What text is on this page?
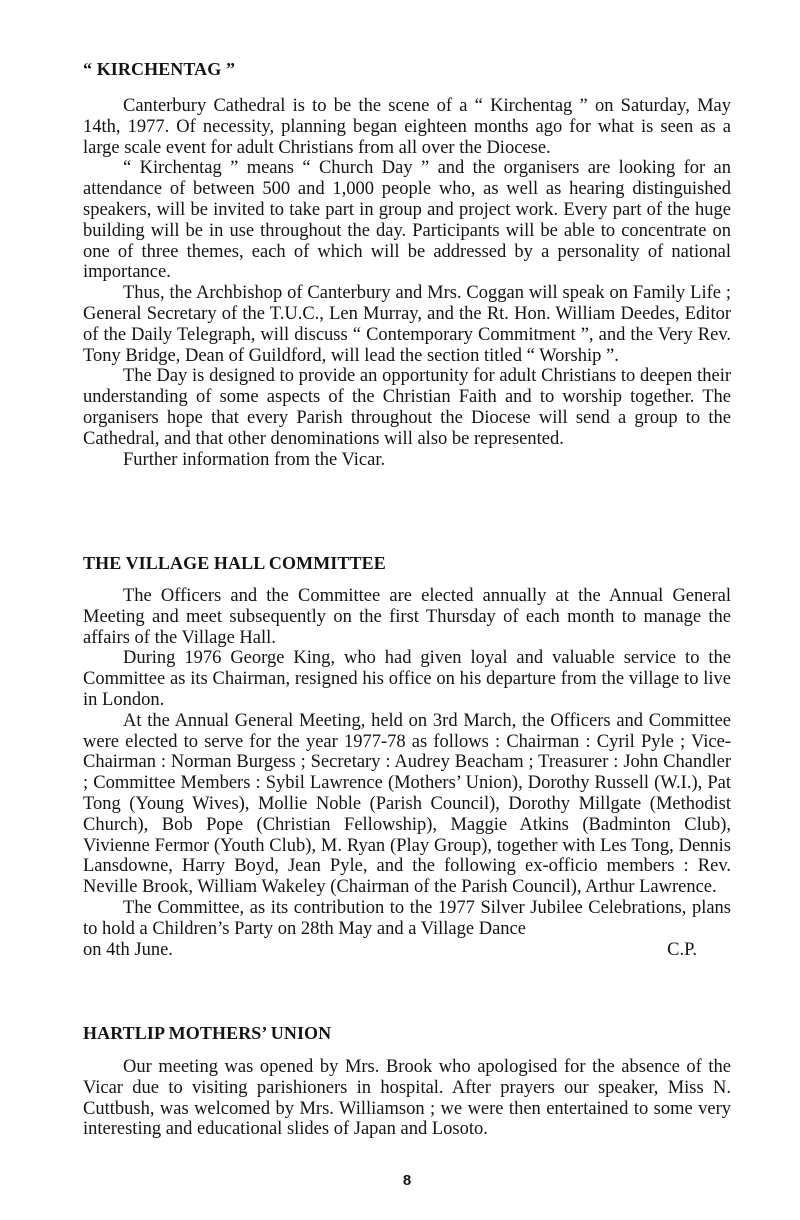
“ KIRCHENTAG ”

Canterbury Cathedral is to be the scene of a “ Kirchentag ” on Saturday, May 14th, 1977. Of necessity, planning began eighteen months ago for what is seen as a large scale event for adult Christians from all over the Diocese.

“ Kirchentag ” means “ Church Day ” and the organisers are looking for an attendance of between 500 and 1,000 people who, as well as hearing distinguished speakers, will be invited to take part in group and project work. Every part of the huge building will be in use throughout the day. Participants will be able to concentrate on one of three themes, each of which will be addressed by a personality of national importance.

Thus, the Archbishop of Canterbury and Mrs. Coggan will speak on Family Life ; General Secretary of the T.U.C., Len Murray, and the Rt. Hon. William Deedes, Editor of the Daily Telegraph, will discuss “ Contemporary Commitment ”, and the Very Rev. Tony Bridge, Dean of Guildford, will lead the section titled “ Worship ”.

The Day is designed to provide an opportunity for adult Christians to deepen their understanding of some aspects of the Christian Faith and to worship together. The organisers hope that every Parish throughout the Diocese will send a group to the Cathedral, and that other denominations will also be represented.

Further information from the Vicar.

THE VILLAGE HALL COMMITTEE

The Officers and the Committee are elected annually at the Annual General Meeting and meet subsequently on the first Thursday of each month to manage the affairs of the Village Hall.

During 1976 George King, who had given loyal and valuable service to the Committee as its Chairman, resigned his office on his departure from the village to live in London.

At the Annual General Meeting, held on 3rd March, the Officers and Committee were elected to serve for the year 1977-78 as follows : Chairman : Cyril Pyle ; Vice-Chairman : Norman Burgess ; Secretary : Audrey Beacham ; Treasurer : John Chandler ; Committee Members : Sybil Lawrence (Mothers’ Union), Dorothy Russell (W.I.), Pat Tong (Young Wives), Mollie Noble (Parish Council), Dorothy Millgate (Methodist Church), Bob Pope (Christian Fellowship), Maggie Atkins (Badminton Club), Vivienne Fermor (Youth Club), M. Ryan (Play Group), together with Les Tong, Dennis Lansdowne, Harry Boyd, Jean Pyle, and the following ex-officio members : Rev. Neville Brook, William Wakeley (Chairman of the Parish Council), Arthur Lawrence.

The Committee, as its contribution to the 1977 Silver Jubilee Celebrations, plans to hold a Children’s Party on 28th May and a Village Dance

on 4th June.	C.P.
HARTLIP MOTHERS’ UNION

Our meeting was opened by Mrs. Brook who apologised for the absence of the Vicar due to visiting parishioners in hospital. After prayers our speaker, Miss N. Cuttbush, was welcomed by Mrs. Williamson ; we were then entertained to some very interesting and educational slides of Japan and Losoto.

8
